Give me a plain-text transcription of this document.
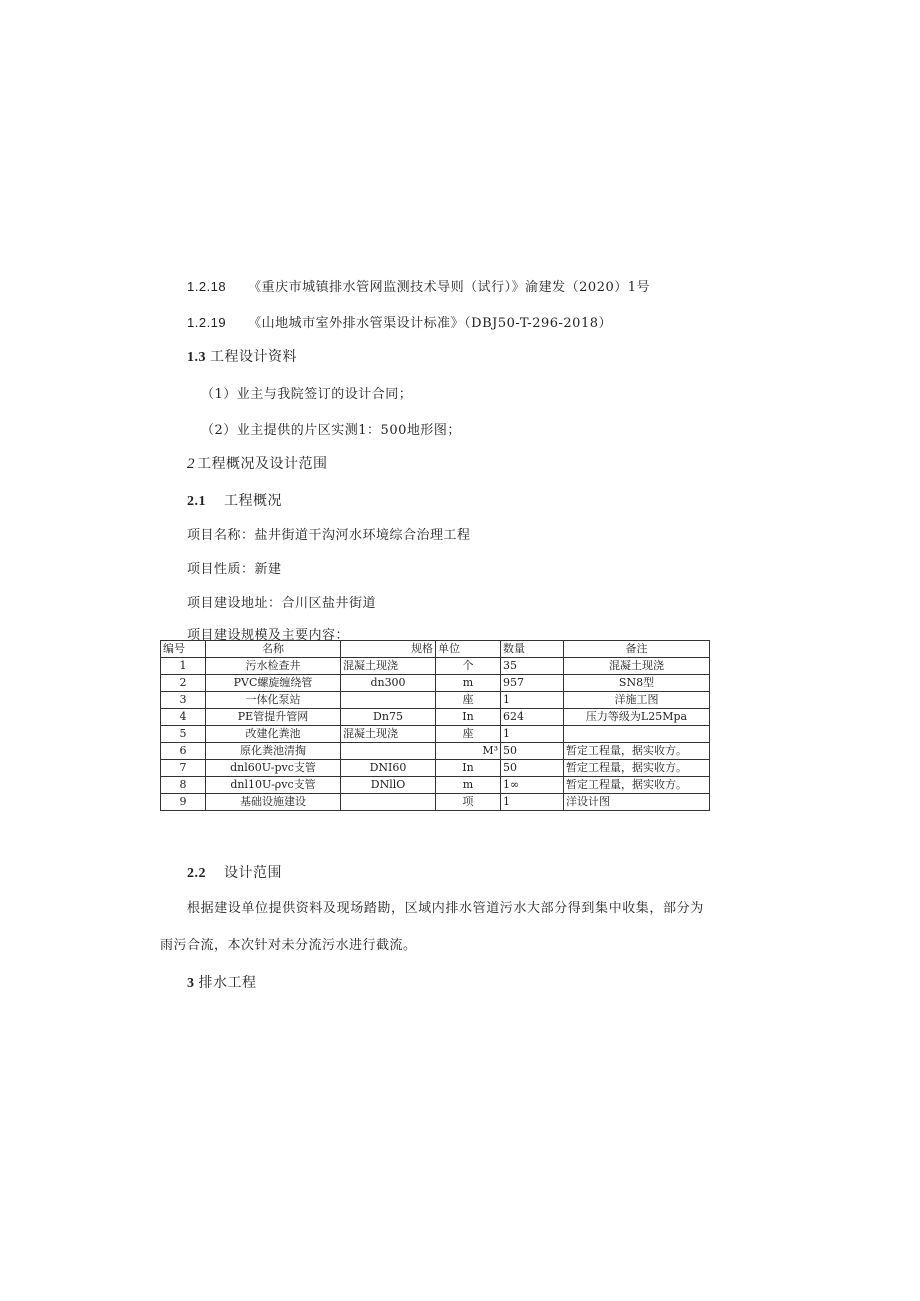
1.2.18 《重庆市城镇排水管网监测技术导则（试行）》渝建发（2020）1号
1.2.19 《山地城市室外排水管渠设计标准》（DBJ50-T-296-2018）
1.3 工程设计资料
（1）业主与我院签订的设计合同；
（2）业主提供的片区实测1：500地形图；
2 工程概况及设计范围
2.1 工程概况
项目名称：盐井街道干沟河水环境综合治理工程
项目性质：新建
项目建设地址：合川区盐井街道
项目建设规模及主要内容：
编号	名称	规格	单位	数量	备注
1	污水检查井	混凝土现浇	个	35	混凝土现浇
2	PVC螺旋缠绕管	dn300	m	957	SN8型
3	一体化泵站		座	1	洋施工图
4	PE管提升管网	Dn75	In	624	压力等级为L25Mpa
5	改建化粪池	混凝土现浇	座	1	
6	原化粪池清掏		M³	50	暂定工程量，据实收方。
7	dnl60U-pvc支管	DNI60	In	50	暂定工程量，据实收方。
8	dnl10U-ρvc支管	DNllO	m	1∞	暂定工程量，据实收方。
9	基础设施建设		项	1	洋设计图
2.2 设计范围
根据建设单位提供资料及现场踏勘，区域内排水管道污水大部分得到集中收集，部分为
雨污合流，本次针对未分流污水进行截流。
3 排水工程
